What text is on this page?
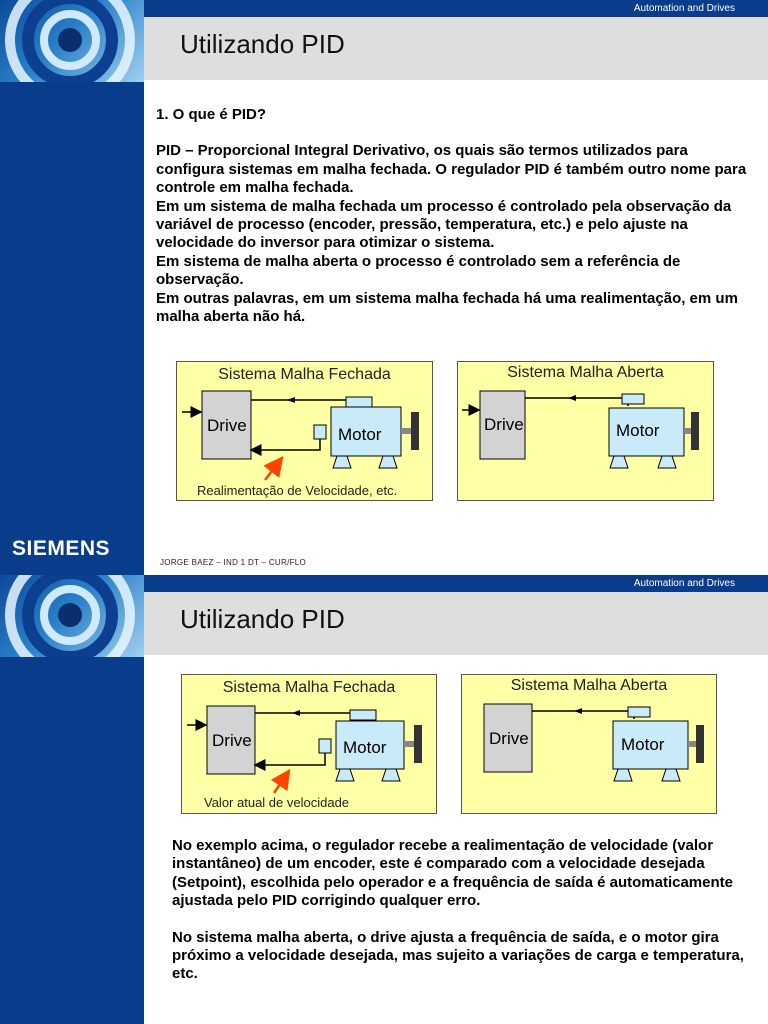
Automation and Drives
Utilizando PID

1. O que é PID?

PID – Proporcional Integral Derivativo, os quais são termos utilizados para configura sistemas em malha fechada. O regulador PID é também outro nome para controle em malha fechada.

Em um sistema de malha fechada um processo é controlado pela observação da variável de processo (encoder, pressão, temperatura, etc.) e pelo ajuste na velocidade do inversor para otimizar o sistema.

Em sistema de malha aberta o processo é controlado sem a referência de observação.

Em outras palavras, em um sistema malha fechada há uma realimentação, em um malha aberta não há.

Sistema Malha Fechada
Drive	Motor
Realimentação de Velocidade, etc.
Sistema Malha Aberta
Drive	Motor
SIEMENS
JORGE BAEZ – IND 1 DT – CUR/FLO
Automation and Drives
Utilizando PID
Sistema Malha Fechada
Drive	Motor
Valor atual de velocidade
Sistema Malha Aberta
Drive	Motor

No exemplo acima, o regulador recebe a realimentação de velocidade (valor instantâneo) de um encoder, este é comparado com a velocidade desejada (Setpoint), escolhida pelo operador e a frequência de saída é automaticamente ajustada pelo PID corrigindo qualquer erro.

No sistema malha aberta, o drive ajusta a frequência de saída, e o motor gira próximo a velocidade desejada, mas sujeito a variações de carga e temperatura, etc.
